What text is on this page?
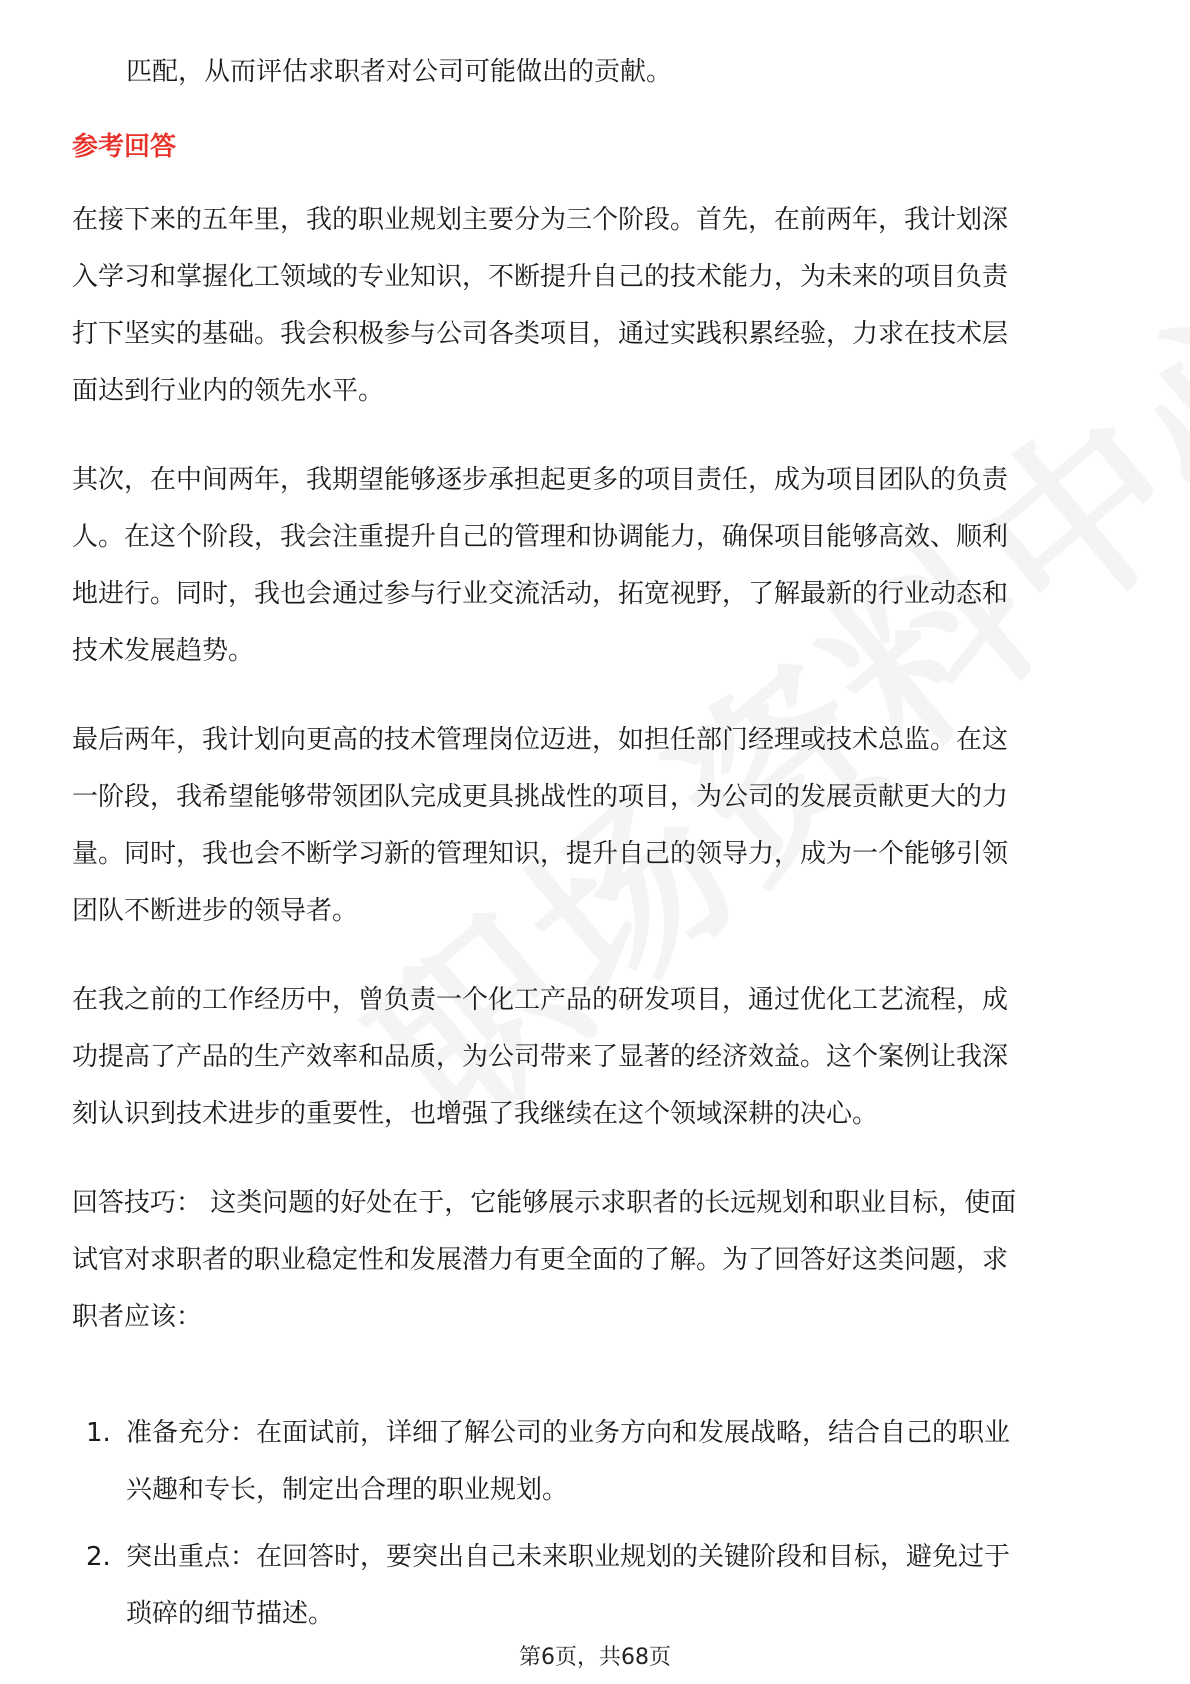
匹配，从而评估求职者对公司可能做出的贡献。
参考回答

在接下来的五年里，我的职业规划主要分为三个阶段。首先，在前两年，我计划深

入学习和掌握化工领域的专业知识，不断提升自己的技术能力，为未来的项目负责

打下坚实的基础。我会积极参与公司各类项目，通过实践积累经验，力求在技术层

面达到行业内的领先水平。

其次，在中间两年，我期望能够逐步承担起更多的项目责任，成为项目团队的负责

人。在这个阶段，我会注重提升自己的管理和协调能力，确保项目能够高效、顺利

地进行。同时，我也会通过参与行业交流活动，拓宽视野，了解最新的行业动态和

技术发展趋势。

最后两年，我计划向更高的技术管理岗位迈进，如担任部门经理或技术总监。在这

一阶段，我希望能够带领团队完成更具挑战性的项目，为公司的发展贡献更大的力

量。同时，我也会不断学习新的管理知识，提升自己的领导力，成为一个能够引领

团队不断进步的领导者。

在我之前的工作经历中，曾负责一个化工产品的研发项目，通过优化工艺流程，成

功提高了产品的生产效率和品质，为公司带来了显著的经济效益。这个案例让我深

刻认识到技术进步的重要性，也增强了我继续在这个领域深耕的决心。

回答技巧： 这类问题的好处在于，它能够展示求职者的长远规划和职业目标，使面

试官对求职者的职业稳定性和发展潜力有更全面的了解。为了回答好这类问题，求

职者应该：

1. 准备充分：在面试前，详细了解公司的业务方向和发展战略，结合自己的职业

兴趣和专长，制定出合理的职业规划。

2. 突出重点：在回答时，要突出自己未来职业规划的关键阶段和目标，避免过于

琐碎的细节描述。

第6页，共68页
